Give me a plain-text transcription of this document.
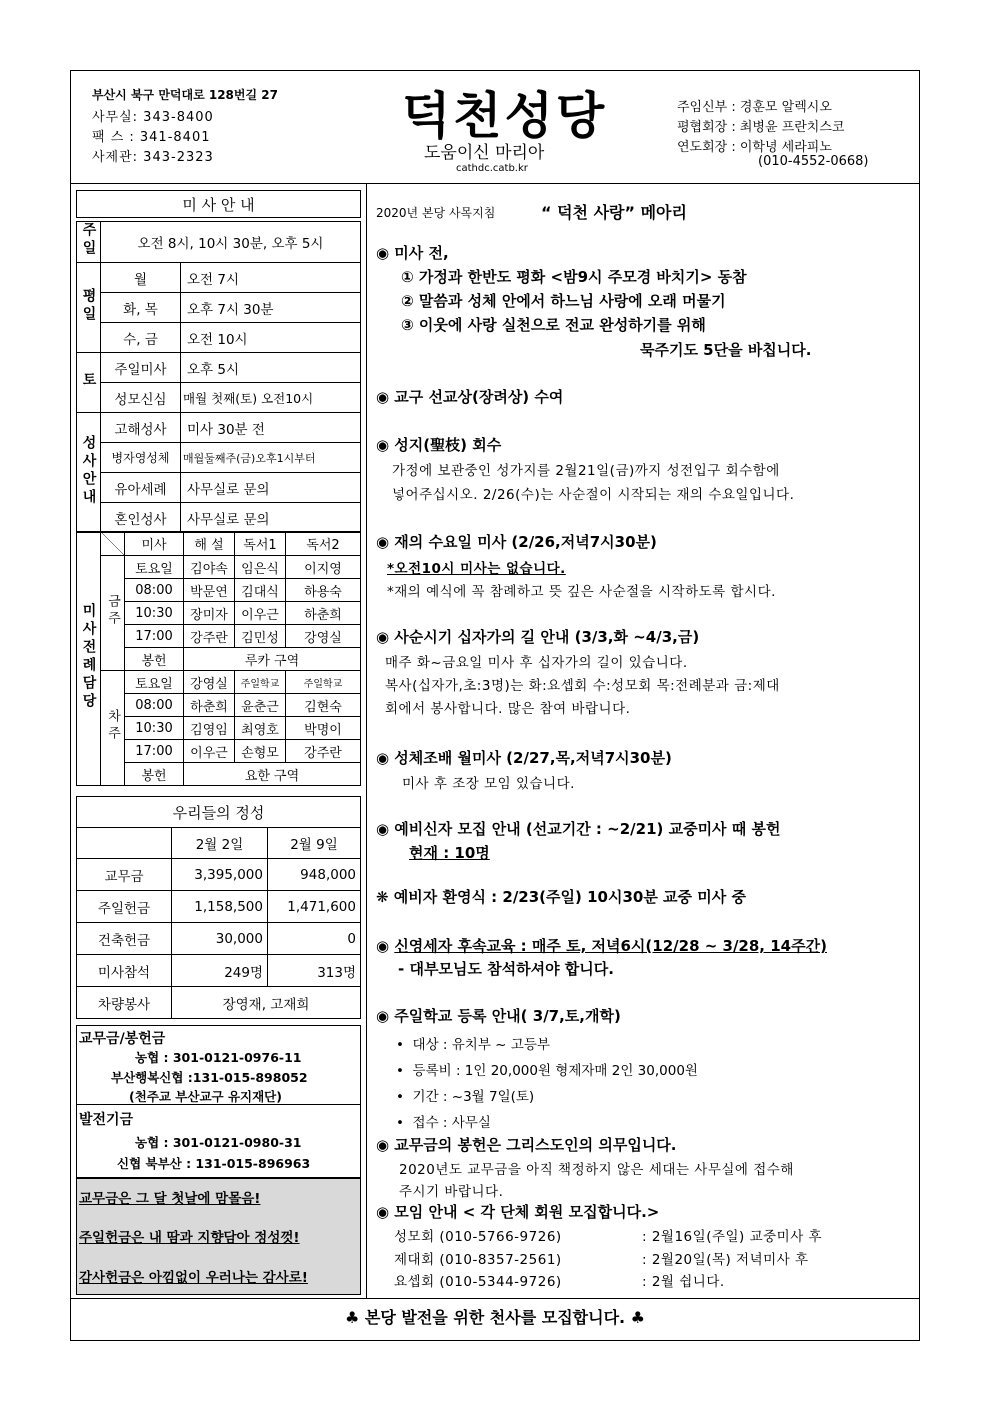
부산시 북구 만덕대로 128번길 27
사무실: 343-8400
팩 스 : 341-8401
사제관: 343-2323
덕천성당
도움이신 마리아
cathdc.catb.kr
주임신부 : 경훈모 알렉시오
평협회장 : 최병윤 프란치스코
연도회장 : 이학녕 세라피노
(010-4552-0668)
미 사 안 내
주일	오전 8시, 10시 30분, 오후 5시	
평일	월	오전 7시
	화, 목	오후 7시 30분
	수, 금	오전 10시
토	주일미사	오후 5시
	성모신심	매월 첫째(토) 오전10시
성사안내	고해성사	미사 30분 전
	병자영성체	매월둘째주(금)오후1시부터
	유아세례	사무실로 문의
	혼인성사	사무실로 문의
미사전례담당		미사	해 설	독서1	독서2
	금주	토요일	김야속	임은식	이지영
		08:00	박문연	김대식	하용숙
		10:30	장미자	이우근	하춘희
		17:00	강주란	김민성	강영실
		봉헌	루카 구역		
	차주	토요일	강영실	주일학교	주일학교
		08:00	하춘희	윤춘근	김현숙
		10:30	김영임	최영호	박명이
		17:00	이우근	손형모	강주란
		봉헌	요한 구역		
우리들의 정성		
	2월 2일	2월 9일
교무금	3,395,000	948,000
주일헌금	1,158,500	1,471,600
건축헌금	30,000	0
미사참석	249명	313명
차량봉사	장영재, 고재희	
교무금/봉헌금
농협 : 301-0121-0976-11
부산행복신협 :131-015-898052
(천주교 부산교구 유지재단)
발전기금
농협 : 301-0121-0980-31
신협 북부산 : 131-015-896963
교무금은 그 달 첫날에 맘몰음!
주일헌금은 내 땀과 지향담아 정성껏!
감사헌금은 아낌없이 우러나는 감사로!
2020년 본당 사목지침	“ 덕천 사랑” 메아리
◉ 미사 전,
① 가정과 한반도 평화 <밤9시 주모경 바치기> 동참
② 말씀과 성체 안에서 하느님 사랑에 오래 머물기
③ 이웃에 사랑 실천으로 전교 완성하기를 위해
묵주기도 5단을 바칩니다.
◉ 교구 선교상(장려상) 수여
◉ 성지(聖枝) 회수
가정에 보관중인 성가지를 2월21일(금)까지 성전입구 회수함에
넣어주십시오. 2/26(수)는 사순절이 시작되는 재의 수요일입니다.
◉ 재의 수요일 미사 (2/26,저녁7시30분)
*오전10시 미사는 없습니다.
*재의 예식에 꼭 참례하고 뜻 깊은 사순절을 시작하도록 합시다.
◉ 사순시기 십자가의 길 안내 (3/3,화 ~4/3,금)
매주 화~금요일 미사 후 십자가의 길이 있습니다.
복사(십자가,초:3명)는 화:요셉회 수:성모회 목:전례분과 금:제대
회에서 봉사합니다. 많은 참여 바랍니다.
◉ 성체조배 월미사 (2/27,목,저녁7시30분)
미사 후 조장 모임 있습니다.
◉ 예비신자 모집 안내 (선교기간 : ~2/21) 교중미사 때 봉헌
현재 : 10명
❋ 예비자 환영식 : 2/23(주일) 10시30분 교중 미사 중
◉ 신영세자 후속교육 : 매주 토, 저녁6시(12/28 ~ 3/28, 14주간)
- 대부모님도 참석하셔야 합니다.
◉ 주일학교 등록 안내( 3/7,토,개학)
•  대상 : 유치부 ~ 고등부
•  등록비 : 1인 20,000원 형제자매 2인 30,000원
•  기간 : ~3월 7일(토)
•  접수 : 사무실
◉ 교무금의 봉헌은 그리스도인의 의무입니다.
2020년도 교무금을 아직 책정하지 않은 세대는 사무실에 접수해
주시기 바랍니다.
◉ 모임 안내 < 각 단체 회원 모집합니다.>
성모회 (010-5766-9726)	: 2월16일(주일) 교중미사 후
제대회 (010-8357-2561)	: 2월20일(목) 저녁미사 후
요셉회 (010-5344-9726)	: 2월 쉽니다.
♣ 본당 발전을 위한 천사를 모집합니다. ♣
